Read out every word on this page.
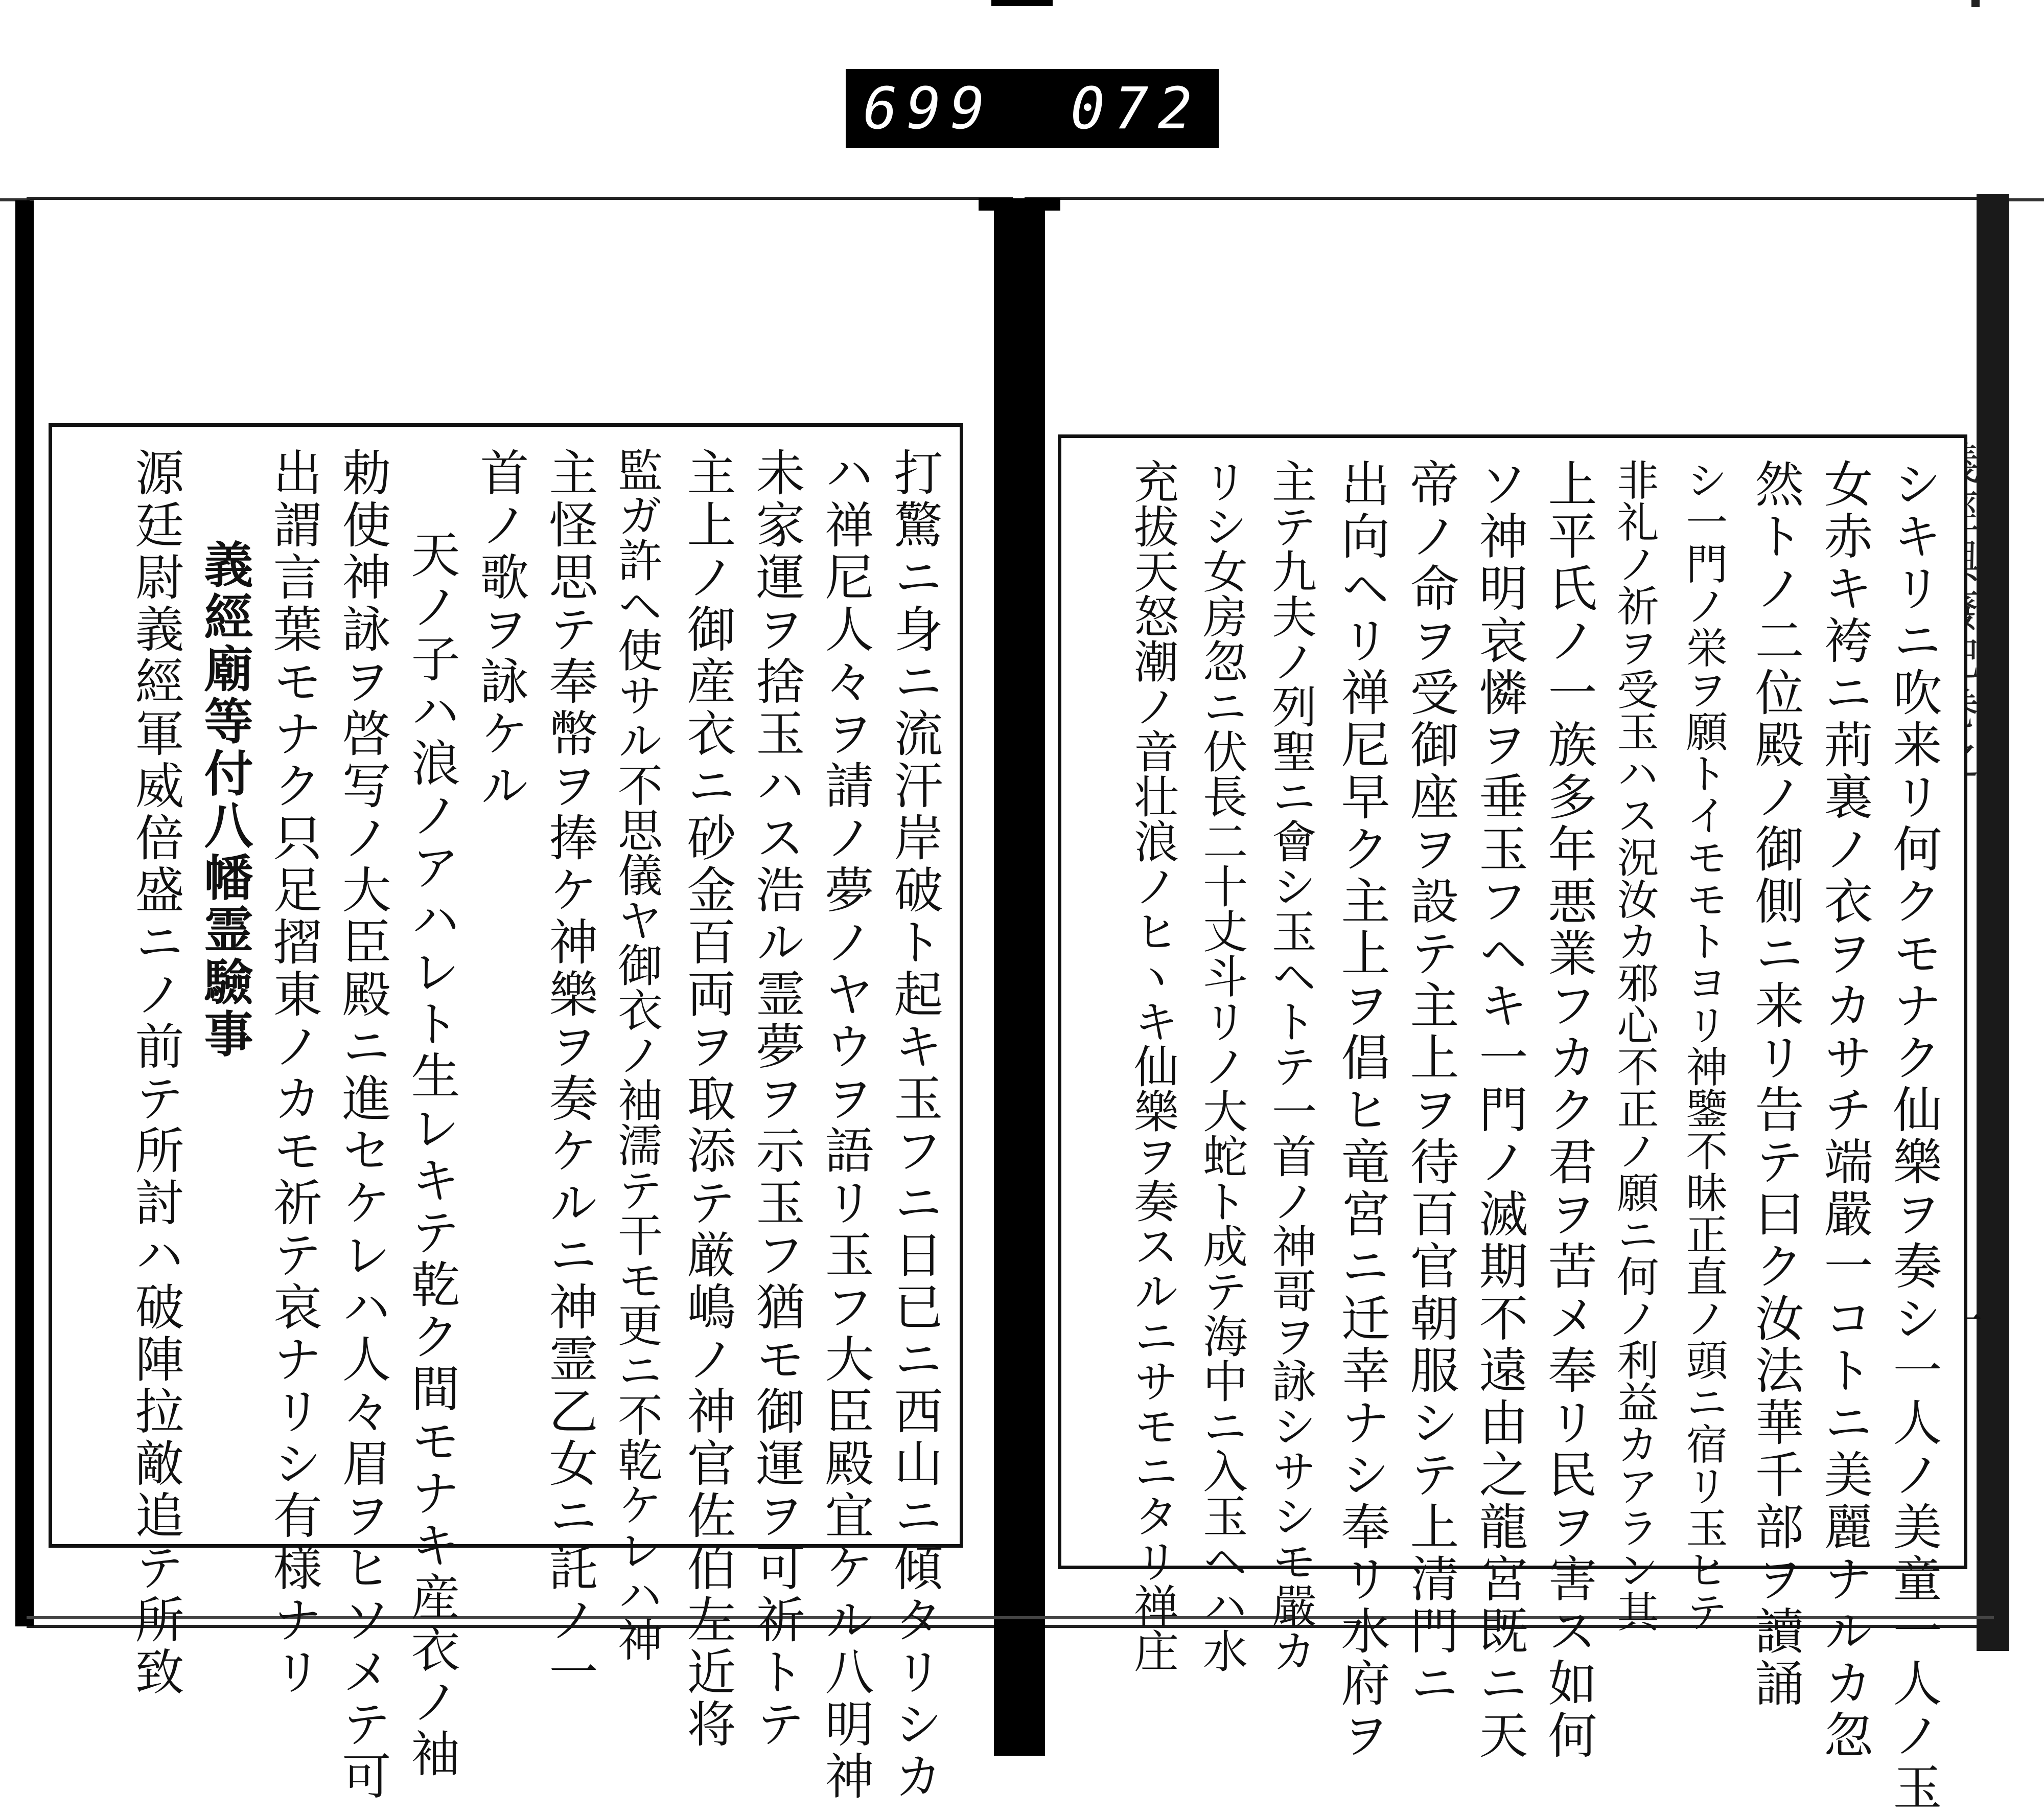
699 072
打驚ニ身ニ流汗岸破ト起キ玉フニ日已ニ西山ニ傾タリシカ
ハ禅尼人々ヲ請ノ夢ノヤウヲ語リ玉フ大臣殿宜ケル八明神
未家運ヲ捨玉ハス浩ル霊夢ヲ示玉フ猶モ御運ヲ可祈トテ
主上ノ御産衣ニ砂金百両ヲ取添テ厳嶋ノ神官佐伯左近将
監ガ許ヘ使サル不思儀ヤ御衣ノ袖濡テ干モ更ニ不乾ケレハ神
主怪思テ奉幣ヲ捧ケ神樂ヲ奏ケルニ神霊乙女ニ託ノ一
首ノ歌ヲ詠ケル
天ノ子ハ浪ノアハレト生レキテ乾ク間モナキ産衣ノ袖
勅使神詠ヲ啓写ノ大臣殿ニ進セケレハ人々眉ヲヒソメテ可
出謂言葉モナク只足摺東ノカモ祈テ哀ナリシ有様ナリ
義經廟等付八幡霊驗事
源廷尉義經軍威倍盛ニノ前テ所討ハ破陣拉敵追テ所致	シキリニ吹来リ何クモナク仙樂ヲ奏シ一人ノ美童一人ノ玉
女赤キ袴ニ荊裏ノ衣ヲカサチ端嚴一コトニ美麗ナルカ忽
然トノ二位殿ノ御側ニ来リ告テ曰ク汝法華千部ヲ讀誦
シ一門ノ栄ヲ願トイモモトヨリ神鑒不昧正直ノ頭ニ宿リ玉ヒテ
非礼ノ祈ヲ受玉ハス況汝カ邪心不正ノ願ニ何ノ利益カアラン其
上平氏ノ一族多年悪業フカク君ヲ苦メ奉リ民ヲ害ス如何
ソ神明哀憐ヲ垂玉フヘキ一門ノ滅期不遠由之龍宮既ニ天
帝ノ命ヲ受御座ヲ設テ主上ヲ待百官朝服シテ上清門ニ
出向ヘリ禅尼早ク主上ヲ倡ヒ竜宮ニ迁幸ナシ奉リ水府ヲ
主テ九夫ノ列聖ニ會シ玉ヘトテ一首ノ神哥ヲ詠シサシモ嚴カ
リシ女房忽ニ伏長二十丈斗リノ大蛇ト成テ海中ニ入玉ヘハ水
充拔天怒潮ノ音壮浪ノヒヽキ仙樂ヲ奏スルニサモニタリ禅庄
